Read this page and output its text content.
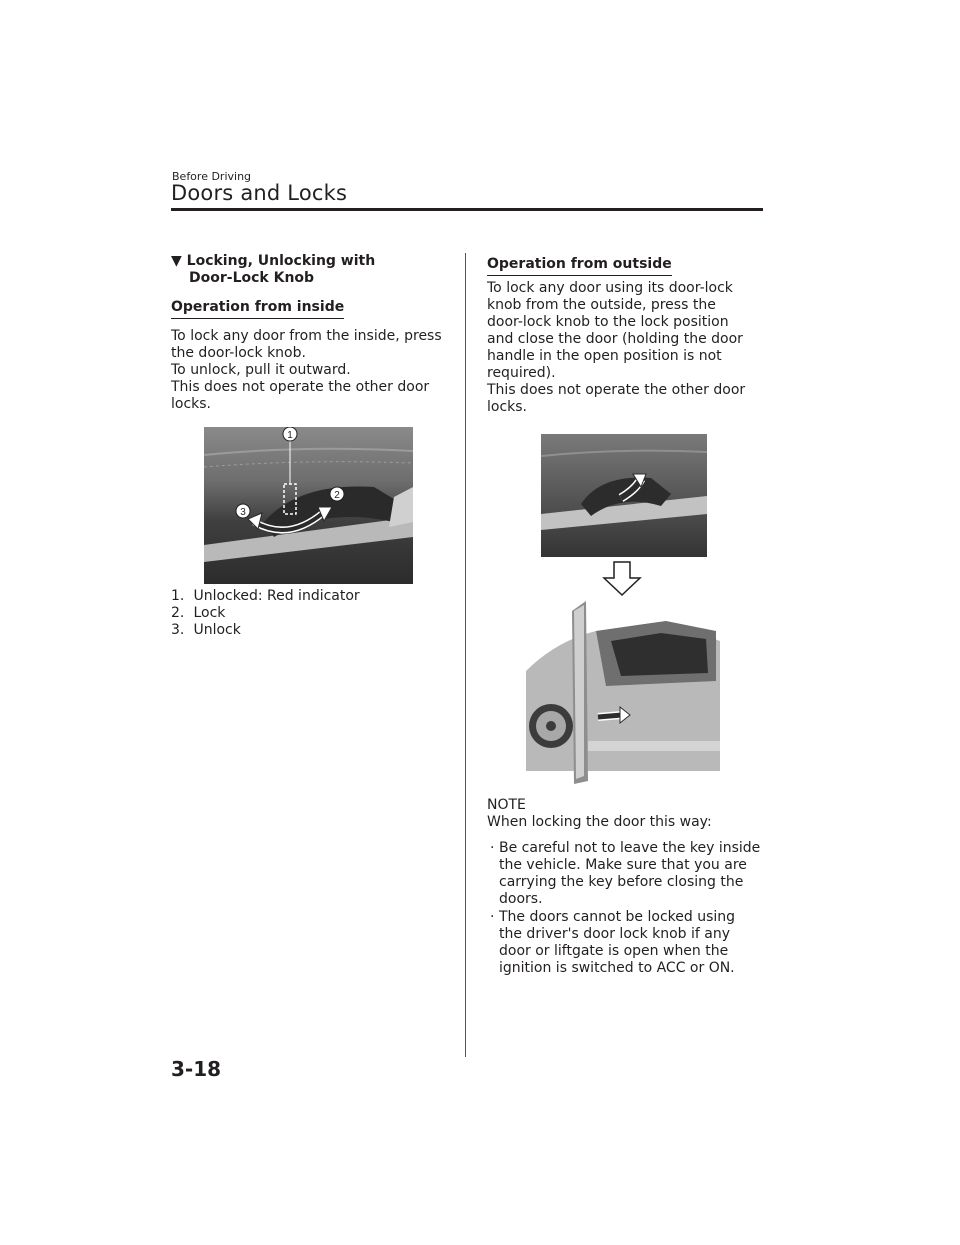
Before Driving
Doors and Locks
▼ Locking, Unlocking with
Door-Lock Knob
Operation from inside
To lock any door from the inside, press
the door-lock knob.
To unlock, pull it outward.
This does not operate the other door
locks.
1
2
3
1. Unlocked: Red indicator
2. Lock
3. Unlock
Operation from outside
To lock any door using its door-lock
knob from the outside, press the
door-lock knob to the lock position
and close the door (holding the door
handle in the open position is not
required).
This does not operate the other door
locks.
NOTE
When locking the door this way:
· Be careful not to leave the key inside
the vehicle. Make sure that you are
carrying the key before closing the
doors.
· The doors cannot be locked using
the driver's door lock knob if any
door or liftgate is open when the
ignition is switched to ACC or ON.
3-18
